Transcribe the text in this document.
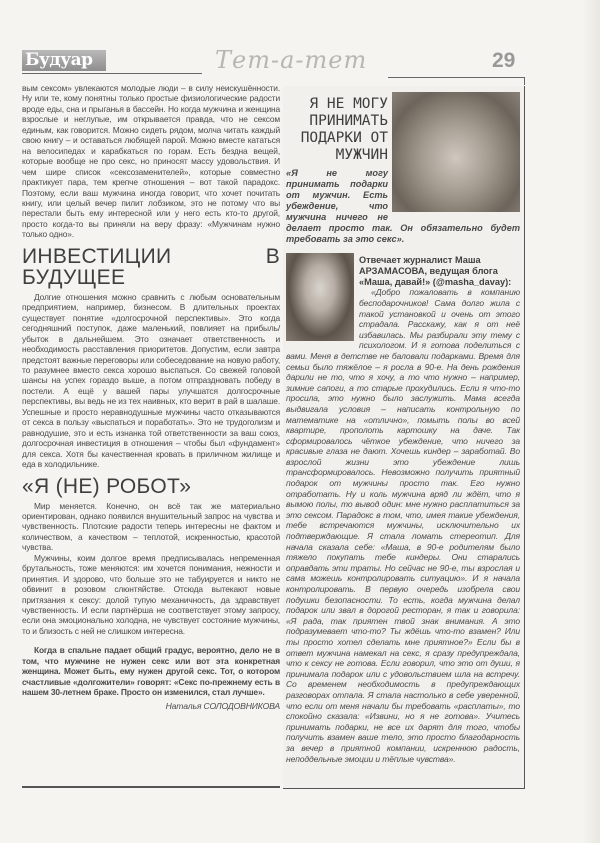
Будуар	Тет-а-тет	29

вым сексом» увлекаются молодые люди – в силу неискушённости. Ну или те, кому понятны только простые физиологические радости вроде еды, сна и прыганья в бассейн. Но когда мужчина и женщина взрослые и неглупые, им открывается правда, что не сексом единым, как говорится. Можно сидеть рядом, молча читать каждый свою книгу – и оставаться любящей парой. Можно вместе кататься на велосипедах и карабкаться по горам. Есть бездна вещей, которые вообще не про секс, но приносят массу удовольствия. И чем шире список «сексозаменителей», которые совместно практикует пара, тем крепче отношения – вот такой парадокс. Поэтому, если ваш мужчина иногда говорит, что хочет почитать книгу, или целый вечер пилит лобзиком, это не потому что вы перестали быть ему интересной или у него есть кто-то другой, просто когда-то вы приняли на веру фразу: «Мужчинам нужно только одно».

ИНВЕСТИЦИИ В БУДУЩЕЕ

Долгие отношения можно сравнить с любым основательным предприятием, например, бизнесом. В длительных проектах существует понятие «долгосрочной перспективы». Это когда сегодняшний поступок, даже маленький, повлияет на прибыль/убыток в дальнейшем. Это означает ответственность и необходимость расставления приоритетов. Допустим, если завтра предстоят важные переговоры или собеседование на новую работу, то разумнее вместо секса хорошо выспаться. Со свежей головой шансы на успех гораздо выше, а потом отпраздновать победу в постели. А ещё у вашей пары улучшатся долгосрочные перспективы, вы ведь не из тех наивных, кто верит в рай в шалаше. Успешные и просто неравнодушные мужчины часто отказываются от секса в пользу «выспаться и поработать». Это не трудоголизм и равнодушие, это и есть изнанка той ответственности за ваш союз, долгосрочная инвестиция в отношения – чтобы был «фундамент» для секса. Хотя бы качественная кровать в приличном жилище и еда в холодильнике.

«Я (НЕ) РОБОТ»

Мир меняется. Конечно, он всё так же материально ориентирован, однако появился внушительный запрос на чувства и чувственность. Плотские радости теперь интересны не фактом и количеством, а качеством – теплотой, искренностью, красотой чувства.

Мужчины, коим долгое время предписывалась непременная брутальность, тоже меняются: им хочется понимания, нежности и принятия. И здорово, что больше это не табуируется и никто не обвинит в розовом слюнтяйстве. Отсюда вытекают новые притязания к сексу: долой тупую механичность, да здравствует чувственность. И если партнёрша не соответствует этому запросу, если она эмоционально холодна, не чувствует состояние мужчины, то и близость с ней не слишком интересна.

Когда в спальне падает общий градус, вероятно, дело не в том, что мужчине не нужен секс или вот эта конкретная женщина. Может быть, ему нужен другой секс. Тот, о котором счастливые «долгожители» говорят: «Секс по-прежнему есть в нашем 30-летнем браке. Просто он изменился, стал лучше».

Наталья СОЛОДОВНИКОВА
Я НЕ МОГУ ПРИНИМАТЬ ПОДАРКИ ОТ МУЖЧИН
«Я не могу принимать подарки от мужчин. Есть убеждение, что мужчина ничего не делает просто так. Он обязательно будет требовать за это секс».
Отвечает журналист Маша АРЗАМАСОВА, ведущая блога «Маша, давай!» (@masha_davay):

«Добро пожаловать в компанию бесподарочников! Сама долго жила с такой установкой и очень от этого страдала. Расскажу, как я от неё избавилась. Мы разбирали эту тему с психологом. И я готова поделиться с вами. Меня в детстве не баловали подарками. Время для семьи было тяжёлое – я росла в 90-е. На день рождения дарили не то, что я хочу, а то что нужно – например, зимние сапоги, а то старые прохудились. Если я что-то просила, это нужно было заслужить. Мама всегда выдвигала условия – написать контрольную по математике на «отлично», помыть полы во всей квартире, прополоть картошку на даче. Так сформировалось чёткое убеждение, что ничего за красивые глаза не дают. Хочешь киндер – заработай. Во взрослой жизни это убеждение лишь трансформировалось. Невозможно получить приятный подарок от мужчины просто так. Его нужно отработать. Ну и коль мужчина вряд ли ждёт, что я вымою полы, то вывод один: мне нужно расплатиться за это сексом. Парадокс в том, что, имея такие убеждения, тебе встречаются мужчины, исключительно их подтверждающие. Я стала ломать стереотип. Для начала сказала себе: «Маша, в 90-е родителям было тяжело покупать тебе киндеры. Они старались оправдать эти траты. Но сейчас не 90-е, ты взрослая и сама можешь контролировать ситуацию». И я начала контролировать. В первую очередь изобрела свои подушки безопасности. То есть, когда мужчина делал подарок или звал в дорогой ресторан, я так и говорила: «Я рада, так приятен твой знак внимания. А это подразумевает что-то? Ты ждёшь что-то взамен? Или ты просто хотел сделать мне приятное?» Если бы в ответ мужчина намекал на секс, я сразу предупреждала, что к сексу не готова. Если говорил, что это от души, я принимала подарок или с удовольствием шла на встречу. Со временем необходимость в предупреждающих разговорах отпала. Я стала настолько в себе уверенной, что если от меня начали бы требовать «расплаты», то спокойно сказала: «Извини, но я не готова». Учитесь принимать подарки, не все их дарят для того, чтобы получить взамен ваше тело, это просто благодарность за вечер в приятной компании, искреннюю радость, неподдельные эмоции и тёплые чувства».
